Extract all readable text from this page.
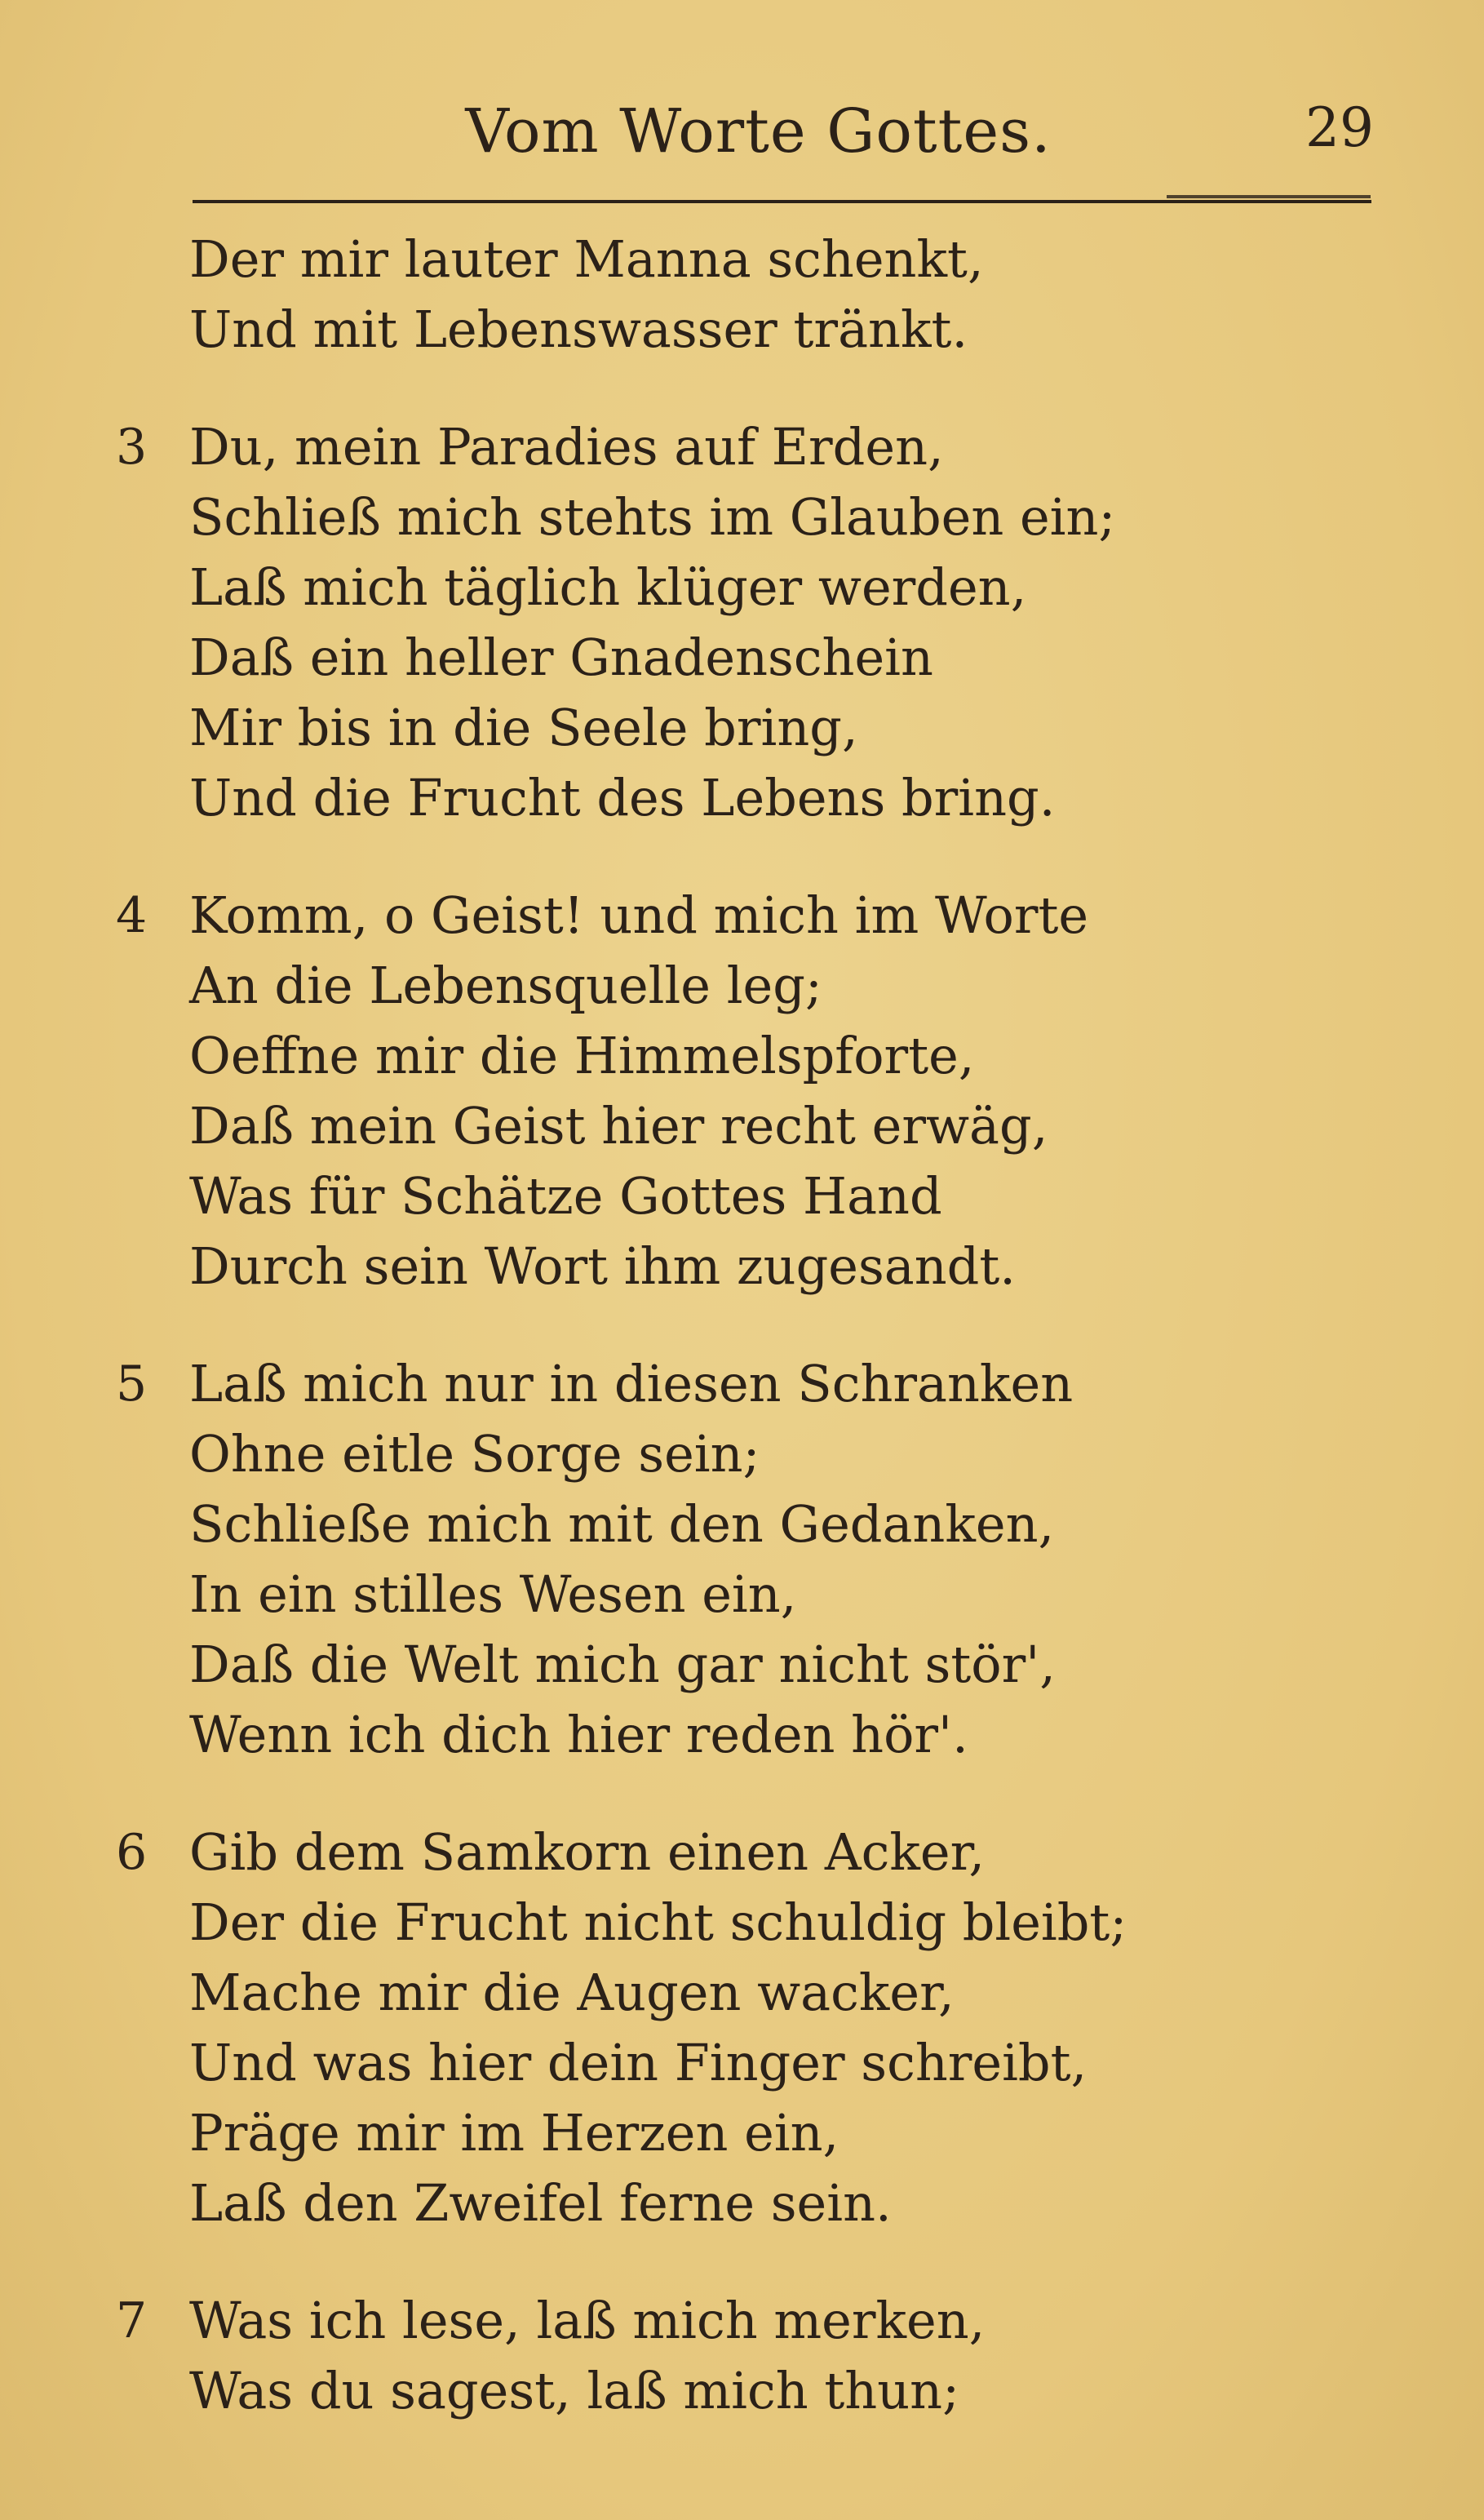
Vom Worte Gottes.	29
Der mir lauter Manna schenkt,
Und mit Lebenswasser tränkt.
3 Du, mein Paradies auf Erden,
Schließ mich stehts im Glauben ein;
Laß mich täglich klüger werden,
Daß ein heller Gnadenschein
Mir bis in die Seele bring,
Und die Frucht des Lebens bring.
4 Komm, o Geist! und mich im Worte
An die Lebensquelle leg;
Oeffne mir die Himmelspforte,
Daß mein Geist hier recht erwäg,
Was für Schätze Gottes Hand
Durch sein Wort ihm zugesandt.
5 Laß mich nur in diesen Schranken
Ohne eitle Sorge sein;
Schließe mich mit den Gedanken,
In ein stilles Wesen ein,
Daß die Welt mich gar nicht stör',
Wenn ich dich hier reden hör'.
6 Gib dem Samkorn einen Acker,
Der die Frucht nicht schuldig bleibt;
Mache mir die Augen wacker,
Und was hier dein Finger schreibt,
Präge mir im Herzen ein,
Laß den Zweifel ferne sein.
7 Was ich lese, laß mich merken,
Was du sagest, laß mich thun;
